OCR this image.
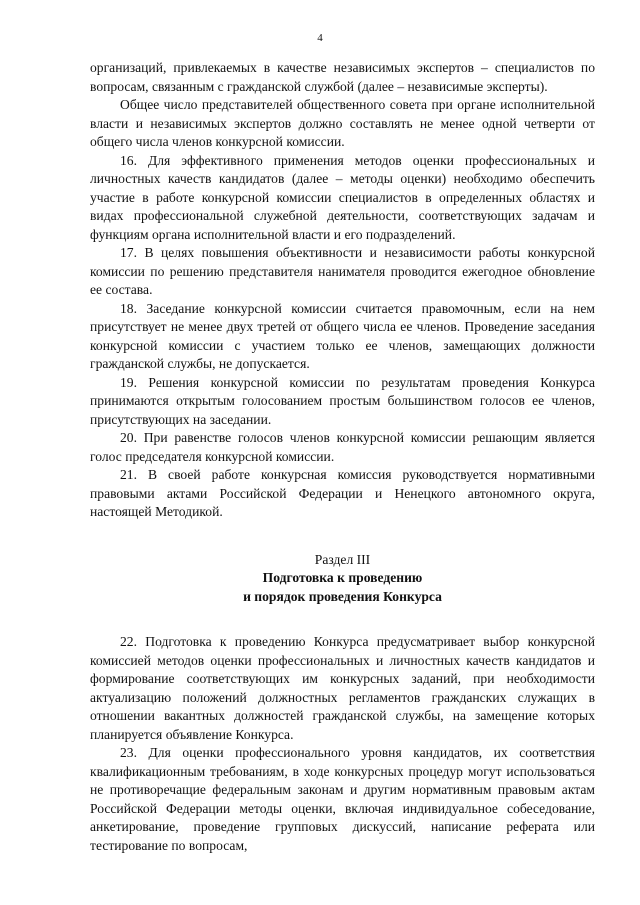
4

организаций, привлекаемых в качестве независимых экспертов – специалистов по вопросам, связанным с гражданской службой (далее – независимые эксперты).

Общее число представителей общественного совета при органе исполнительной власти и независимых экспертов должно составлять не менее одной четверти от общего числа членов конкурсной комиссии.

16. Для эффективного применения методов оценки профессиональных и личностных качеств кандидатов (далее – методы оценки) необходимо обеспечить участие в работе конкурсной комиссии специалистов в определенных областях и видах профессиональной служебной деятельности, соответствующих задачам и функциям органа исполнительной власти и его подразделений.

17. В целях повышения объективности и независимости работы конкурсной комиссии по решению представителя нанимателя проводится ежегодное обновление ее состава.

18. Заседание конкурсной комиссии считается правомочным, если на нем присутствует не менее двух третей от общего числа ее членов. Проведение заседания конкурсной комиссии с участием только ее членов, замещающих должности гражданской службы, не допускается.

19. Решения конкурсной комиссии по результатам проведения Конкурса принимаются открытым голосованием простым большинством голосов ее членов, присутствующих на заседании.

20. При равенстве голосов членов конкурсной комиссии решающим является голос председателя конкурсной комиссии.

21. В своей работе конкурсная комиссия руководствуется нормативными правовыми актами Российской Федерации и Ненецкого автономного округа, настоящей Методикой.

Раздел III
Подготовка к проведению
и порядок проведения Конкурса

22. Подготовка к проведению Конкурса предусматривает выбор конкурсной комиссией методов оценки профессиональных и личностных качеств кандидатов и формирование соответствующих им конкурсных заданий, при необходимости актуализацию положений должностных регламентов гражданских служащих в отношении вакантных должностей гражданской службы, на замещение которых планируется объявление Конкурса.

23. Для оценки профессионального уровня кандидатов, их соответствия квалификационным требованиям, в ходе конкурсных процедур могут использоваться не противоречащие федеральным законам и другим нормативным правовым актам Российской Федерации методы оценки, включая индивидуальное собеседование, анкетирование, проведение групповых дискуссий, написание реферата или тестирование по вопросам,
